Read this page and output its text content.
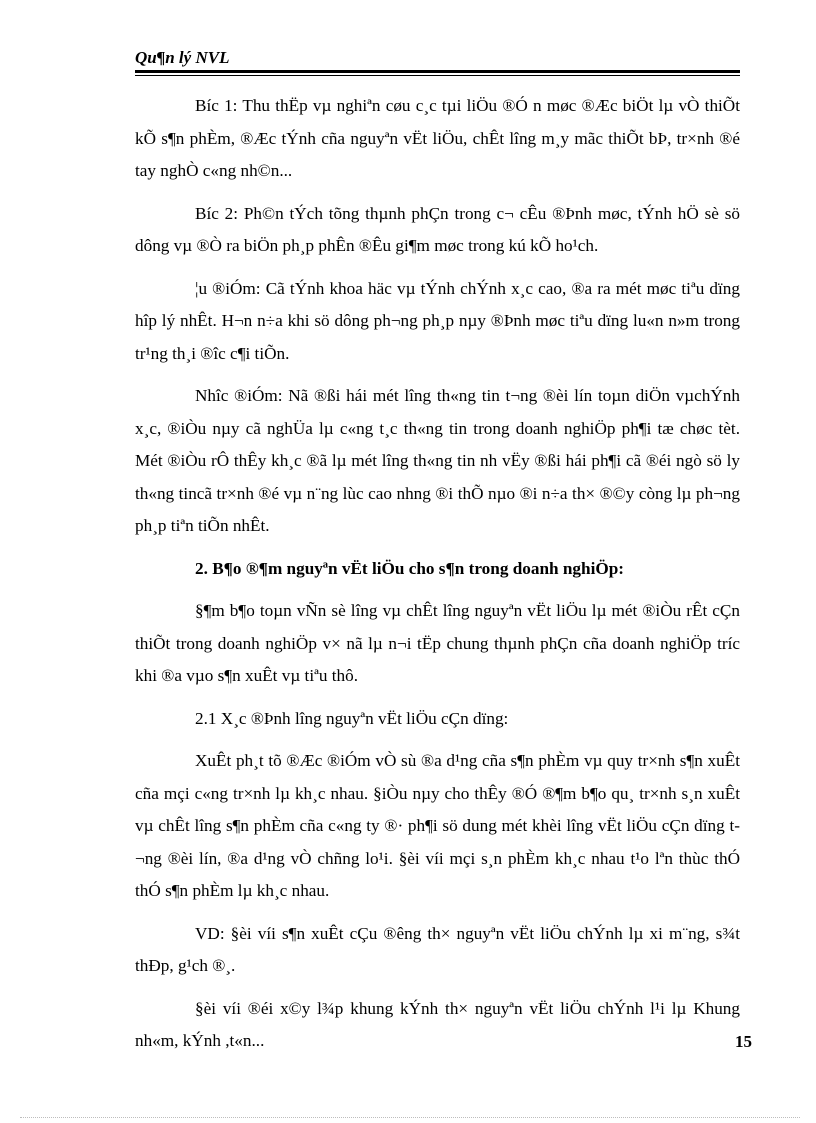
Qu¶n lý NVL

Bíc 1: Thu thËp vµ nghiªn cøu c¸c tµi liÖu ®Ó n møc ®Æc biÖt lµ vÒ thiÕt kÕ s¶n phÈm, ®Æc tÝnh cña nguyªn vËt liÖu, chÊt lîng m¸y mãc thiÕt bÞ, tr×nh ®é tay nghÒ c«ng nh©n...

Bíc 2: Ph©n tÝch tõng thµnh phÇn trong c¬ cÊu ®Þnh møc, tÝnh hÖ sè sö dông vµ ®Ò ra biÖn ph¸p phÊn ®Êu gi¶m møc trong kú kÕ ho¹ch.

¦u ®iÓm: Cã tÝnh khoa häc vµ tÝnh chÝnh x¸c cao, ®a ra mét møc tiªu dïng hîp lý nhÊt. H¬n n÷a khi sö dông ph¬ng ph¸p nµy ®Þnh møc tiªu dïng lu«n n»m trong tr¹ng th¸i ®îc c¶i tiÕn.

Nhîc ®iÓm: Nã ®ßi hái mét lîng th«ng tin t¬ng ®èi lín toµn diÖn vµchÝnh x¸c, ®iÒu nµy cã nghÜa lµ c«ng t¸c th«ng tin trong doanh nghiÖp ph¶i tæ chøc tèt. Mét ®iÒu rÔ thÊy kh¸c ®ã lµ mét lîng th«ng tin nh vËy ®ßi hái ph¶i cã ®éi ngò sö ly th«ng tincã tr×nh ®é vµ n¨ng lùc cao nhng ®i thÕ nµo ®i n÷a th× ®©y còng lµ ph¬ng ph¸p tiªn tiÕn nhÊt.

2. B¶o ®¶m nguyªn vËt liÖu cho s¶n trong doanh nghiÖp:

§¶m b¶o toµn vÑn sè lîng vµ chÊt lîng nguyªn vËt liÖu lµ mét ®iÒu rÊt cÇn thiÕt trong doanh nghiÖp v× nã lµ n¬i tËp chung thµnh phÇn cña doanh nghiÖp tríc khi ®a vµo s¶n xuÊt vµ tiªu thô.

2.1 X¸c ®Þnh lîng nguyªn vËt liÖu cÇn dïng:

XuÊt ph¸t tõ ®Æc ®iÓm vÒ sù ®a d¹ng cña s¶n phÈm vµ quy tr×nh s¶n xuÊt cña mçi c«ng tr×nh lµ kh¸c nhau. §iÒu nµy cho thÊy ®Ó ®¶m b¶o qu¸ tr×nh s¸n xuÊt vµ chÊt lîng s¶n phÈm cña c«ng ty ®· ph¶i sö dung mét khèi lîng vËt liÖu cÇn dïng t¬ng ®èi lín, ®a d¹ng vÒ chñng lo¹i. §èi víi mçi s¸n phÈm kh¸c nhau t¹o lªn thùc thÓ thÓ s¶n phÈm lµ kh¸c nhau.

VD: §èi víi s¶n xuÊt cÇu ®êng th× nguyªn vËt liÖu chÝnh lµ xi m¨ng, s¾t thÐp, g¹ch ®¸.

§èi víi ®éi x©y l¾p khung kÝnh th× nguyªn vËt liÖu chÝnh l¹i lµ Khung nh«m, kÝnh ,t«n...	15
